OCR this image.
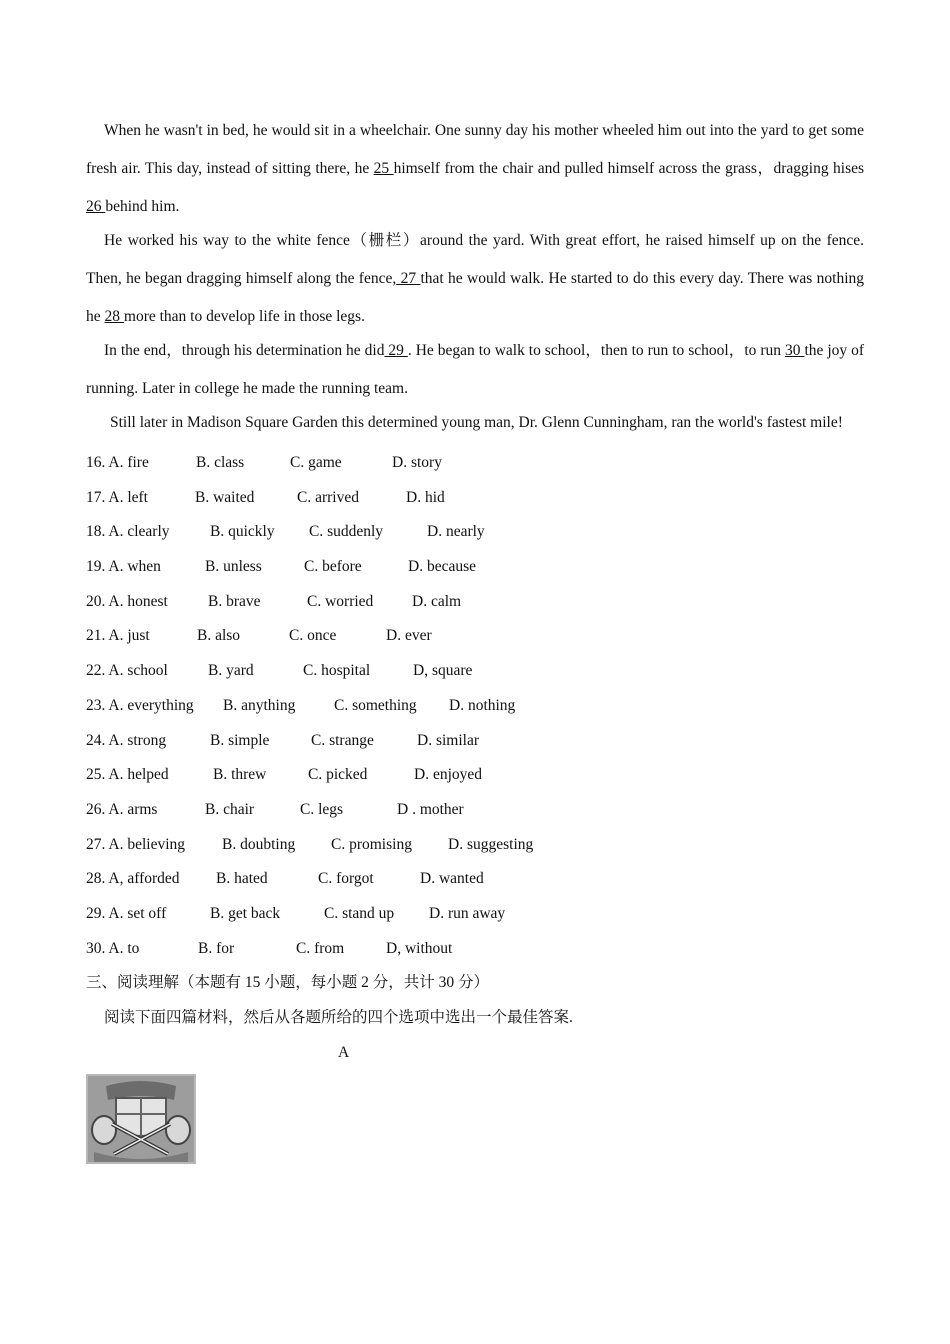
When he wasn't in bed, he would sit in a wheelchair. One sunny day his mother wheeled him out into the yard to get some fresh air. This day, instead of sitting there, he 25 himself from the chair and pulled himself across the grass，dragging hises 26 behind him.

He worked his way to the white fence（栅栏）around the yard. With great effort, he raised himself up on the fence. Then, he began dragging himself along the fence, 27 that he would walk. He started to do this every day. There was nothing he 28 more than to develop life in those legs.

In the end，through his determination he did 29 . He began to walk to school，then to run to school，to run 30 the joy of running. Later in college he made the running team.

Still later in Madison Square Garden this determined young man, Dr. Glenn Cunningham, ran the world's fastest mile!

16. A. fire	B. class	C. game	D. story
17. A. left	B. waited	C. arrived	D. hid
18. A. clearly	B. quickly C. suddenly	D. nearly
19. A. when	B. unless	C. before	D. because
20. A. honest	B. brave	C. worried D. calm
21. A. just	B. also	C. once	D. ever
22. A. school	B. yard	C. hospital	D, square
23. A. everything B. anything C. something D. nothing
24. A. strong	B. simple	C. strange	D. similar
25. A. helped	B. threw	C. picked	D. enjoyed
26. A. arms	B. chair	C. legs	D . mother
27. A. believing B. doubting C. promising D. suggesting
28. A, afforded B. hated	C. forgot	D. wanted
29. A. set off	B. get back	C. stand up D. run away
30. A. to	B. for	C. from	D, without

三、阅读理解（本题有 15 小题，每小题 2 分，共计 30 分）

阅读下面四篇材料，然后从各题所给的四个选项中选出一个最佳答案.

A
